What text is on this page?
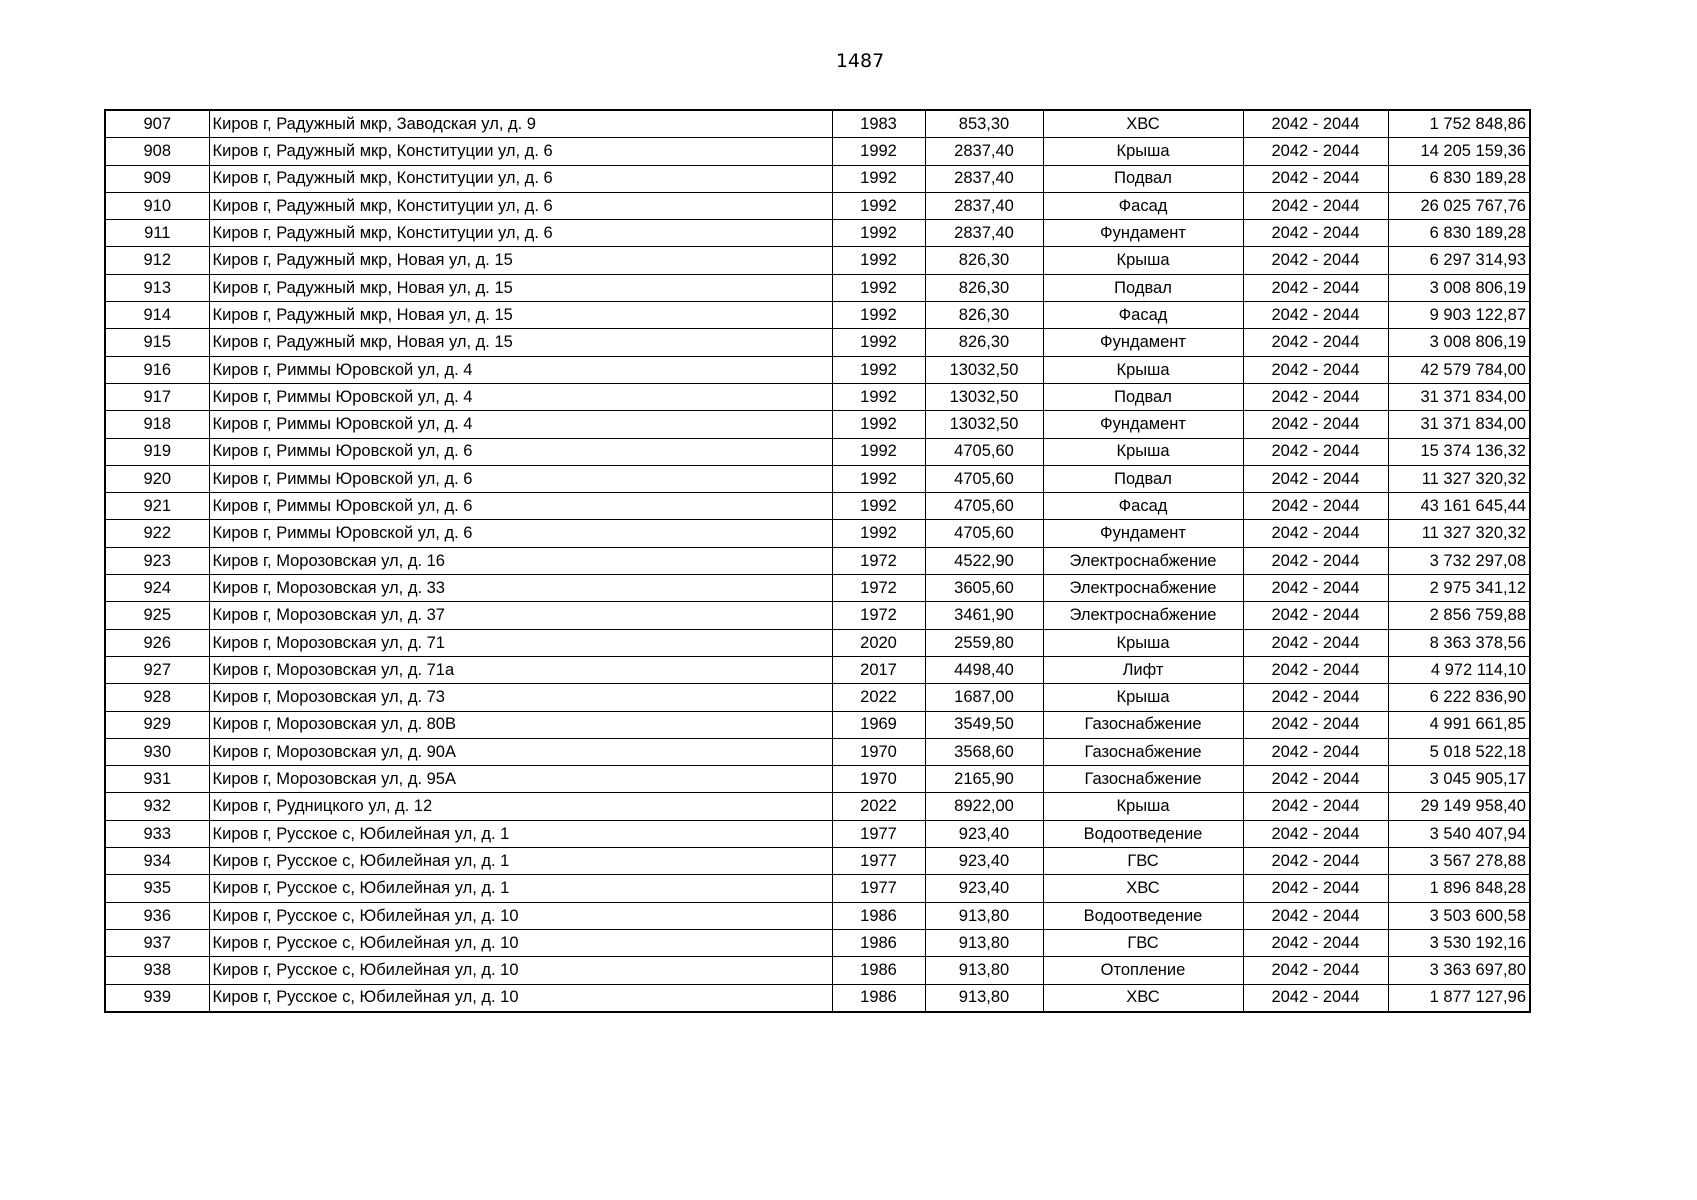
1487
907	Киров г, Радужный мкр, Заводская ул, д. 9	1983	853,30	ХВС	2042 - 2044	1 752 848,86
908	Киров г, Радужный мкр, Конституции ул, д. 6	1992	2837,40	Крыша	2042 - 2044	14 205 159,36
909	Киров г, Радужный мкр, Конституции ул, д. 6	1992	2837,40	Подвал	2042 - 2044	6 830 189,28
910	Киров г, Радужный мкр, Конституции ул, д. 6	1992	2837,40	Фасад	2042 - 2044	26 025 767,76
911	Киров г, Радужный мкр, Конституции ул, д. 6	1992	2837,40	Фундамент	2042 - 2044	6 830 189,28
912	Киров г, Радужный мкр, Новая ул, д. 15	1992	826,30	Крыша	2042 - 2044	6 297 314,93
913	Киров г, Радужный мкр, Новая ул, д. 15	1992	826,30	Подвал	2042 - 2044	3 008 806,19
914	Киров г, Радужный мкр, Новая ул, д. 15	1992	826,30	Фасад	2042 - 2044	9 903 122,87
915	Киров г, Радужный мкр, Новая ул, д. 15	1992	826,30	Фундамент	2042 - 2044	3 008 806,19
916	Киров г, Риммы Юровской ул, д. 4	1992	13032,50	Крыша	2042 - 2044	42 579 784,00
917	Киров г, Риммы Юровской ул, д. 4	1992	13032,50	Подвал	2042 - 2044	31 371 834,00
918	Киров г, Риммы Юровской ул, д. 4	1992	13032,50	Фундамент	2042 - 2044	31 371 834,00
919	Киров г, Риммы Юровской ул, д. 6	1992	4705,60	Крыша	2042 - 2044	15 374 136,32
920	Киров г, Риммы Юровской ул, д. 6	1992	4705,60	Подвал	2042 - 2044	11 327 320,32
921	Киров г, Риммы Юровской ул, д. 6	1992	4705,60	Фасад	2042 - 2044	43 161 645,44
922	Киров г, Риммы Юровской ул, д. 6	1992	4705,60	Фундамент	2042 - 2044	11 327 320,32
923	Киров г, Морозовская ул, д. 16	1972	4522,90	Электроснабжение	2042 - 2044	3 732 297,08
924	Киров г, Морозовская ул, д. 33	1972	3605,60	Электроснабжение	2042 - 2044	2 975 341,12
925	Киров г, Морозовская ул, д. 37	1972	3461,90	Электроснабжение	2042 - 2044	2 856 759,88
926	Киров г, Морозовская ул, д. 71	2020	2559,80	Крыша	2042 - 2044	8 363 378,56
927	Киров г, Морозовская ул, д. 71а	2017	4498,40	Лифт	2042 - 2044	4 972 114,10
928	Киров г, Морозовская ул, д. 73	2022	1687,00	Крыша	2042 - 2044	6 222 836,90
929	Киров г, Морозовская ул, д. 80В	1969	3549,50	Газоснабжение	2042 - 2044	4 991 661,85
930	Киров г, Морозовская ул, д. 90А	1970	3568,60	Газоснабжение	2042 - 2044	5 018 522,18
931	Киров г, Морозовская ул, д. 95А	1970	2165,90	Газоснабжение	2042 - 2044	3 045 905,17
932	Киров г, Рудницкого ул, д. 12	2022	8922,00	Крыша	2042 - 2044	29 149 958,40
933	Киров г, Русское с, Юбилейная ул, д. 1	1977	923,40	Водоотведение	2042 - 2044	3 540 407,94
934	Киров г, Русское с, Юбилейная ул, д. 1	1977	923,40	ГВС	2042 - 2044	3 567 278,88
935	Киров г, Русское с, Юбилейная ул, д. 1	1977	923,40	ХВС	2042 - 2044	1 896 848,28
936	Киров г, Русское с, Юбилейная ул, д. 10	1986	913,80	Водоотведение	2042 - 2044	3 503 600,58
937	Киров г, Русское с, Юбилейная ул, д. 10	1986	913,80	ГВС	2042 - 2044	3 530 192,16
938	Киров г, Русское с, Юбилейная ул, д. 10	1986	913,80	Отопление	2042 - 2044	3 363 697,80
939	Киров г, Русское с, Юбилейная ул, д. 10	1986	913,80	ХВС	2042 - 2044	1 877 127,96
